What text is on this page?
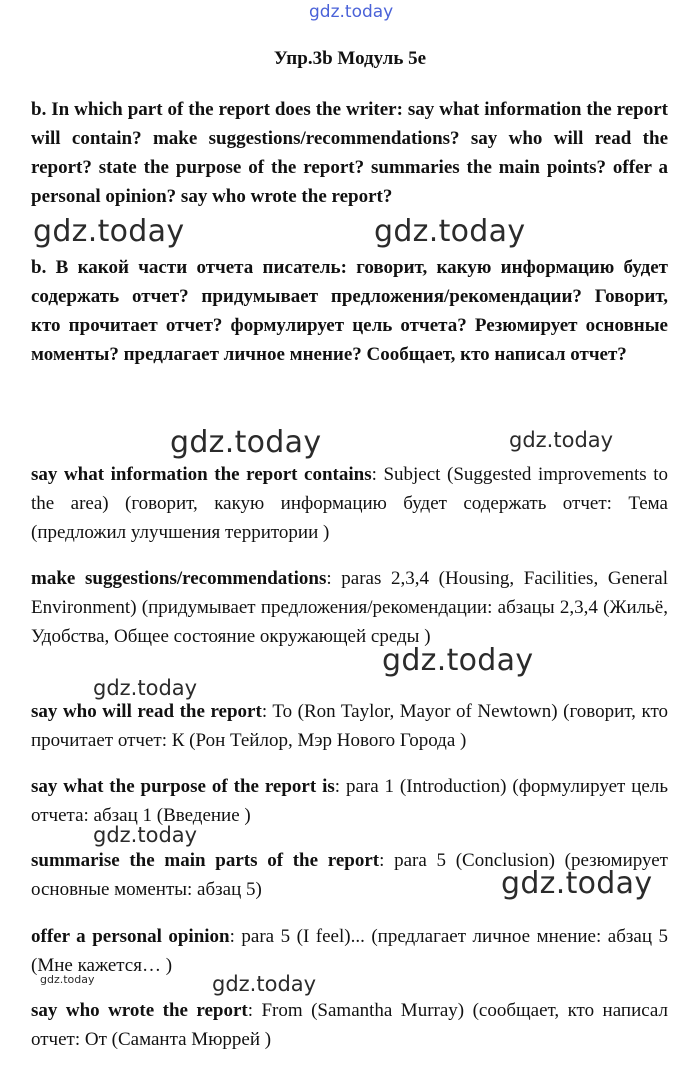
gdz.today
Упр.3b Модуль 5е

b. In which part of the report does the writer: say what information the report will contain? make suggestions/recommendations? say who will read the report? state the purpose of the report? summaries the main points? offer a personal opinion? say who wrote the report?

gdz.today	gdz.today

b. В какой части отчета писатель: говорит, какую информацию будет содержать отчет? придумывает предложения/рекомендации? Говорит, кто прочитает отчет? формулирует цель отчета? Резюмирует основные моменты? предлагает личное мнение? Сообщает, кто написал отчет?

gdz.today	gdz.today

say what information the report contains: Subject (Suggested improvements to the area) (говорит, какую информацию будет содержать отчет: Тема (предложил улучшения территории )

make suggestions/recommendations: paras 2,3,4 (Housing, Facilities, General Environment) (придумывает предложения/рекомендации: абзацы 2,3,4 (Жильё, Удобства, Общее состояние окружающей среды )

gdz.today
gdz.today

say who will read the report: To (Ron Taylor, Mayor of Newtown) (говорит, кто прочитает отчет: К (Рон Тейлор, Мэр Нового Города )

say what the purpose of the report is: para 1 (Introduction) (формулирует цель отчета: абзац 1 (Введение )

gdz.today

summarise the main parts of the report: para 5 (Conclusion) (резюмирует основные моменты: абзац 5)	gdz.today

offer a personal opinion: para 5 (I feel)... (предлагает личное мнение: абзац 5 (Мне кажется… )

gdz.today	gdz.today

say who wrote the report: From (Samantha Murray) (сообщает, кто написал отчет: От (Саманта Мюррей )
